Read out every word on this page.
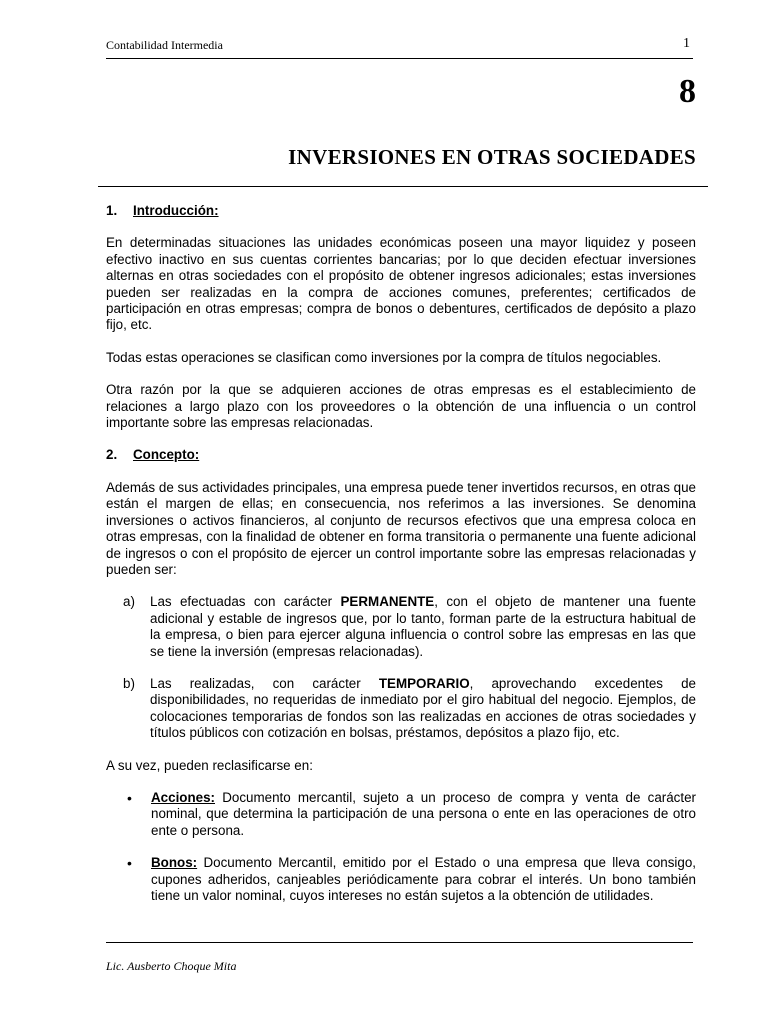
Contabilidad Intermedia	1
8
INVERSIONES EN OTRAS SOCIEDADES
1. Introducción:

En determinadas situaciones las unidades económicas poseen una mayor liquidez y poseen efectivo inactivo en sus cuentas corrientes bancarias; por lo que deciden efectuar inversiones alternas en otras sociedades con el propósito de obtener ingresos adicionales; estas inversiones pueden ser realizadas en la compra de acciones comunes, preferentes; certificados de participación en otras empresas; compra de bonos o debentures, certificados de depósito a plazo fijo, etc.

Todas estas operaciones se clasifican como inversiones por la compra de títulos negociables.

Otra razón por la que se adquieren acciones de otras empresas es el establecimiento de relaciones a largo plazo con los proveedores o la obtención de una influencia o un control importante sobre las empresas relacionadas.

2. Concepto:

Además de sus actividades principales, una empresa puede tener invertidos recursos, en otras que están el margen de ellas; en consecuencia, nos referimos a las inversiones. Se denomina inversiones o activos financieros, al conjunto de recursos efectivos que una empresa coloca en otras empresas, con la finalidad de obtener en forma transitoria o permanente una fuente adicional de ingresos o con el propósito de ejercer un control importante sobre las empresas relacionadas y pueden ser:

a) Las efectuadas con carácter PERMANENTE, con el objeto de mantener una fuente adicional y estable de ingresos que, por lo tanto, forman parte de la estructura habitual de la empresa, o bien para ejercer alguna influencia o control sobre las empresas en las que se tiene la inversión (empresas relacionadas).
b) Las realizadas, con carácter TEMPORARIO, aprovechando excedentes de disponibilidades, no requeridas de inmediato por el giro habitual del negocio. Ejemplos, de colocaciones temporarias de fondos son las realizadas en acciones de otras sociedades y títulos públicos con cotización en bolsas, préstamos, depósitos a plazo fijo, etc.

A su vez, pueden reclasificarse en:

• Acciones: Documento mercantil, sujeto a un proceso de compra y venta de carácter nominal, que determina la participación de una persona o ente en las operaciones de otro ente o persona.
• Bonos: Documento Mercantil, emitido por el Estado o una empresa que lleva consigo, cupones adheridos, canjeables periódicamente para cobrar el interés. Un bono también tiene un valor nominal, cuyos intereses no están sujetos a la obtención de utilidades.
Lic. Ausberto Choque Mita
